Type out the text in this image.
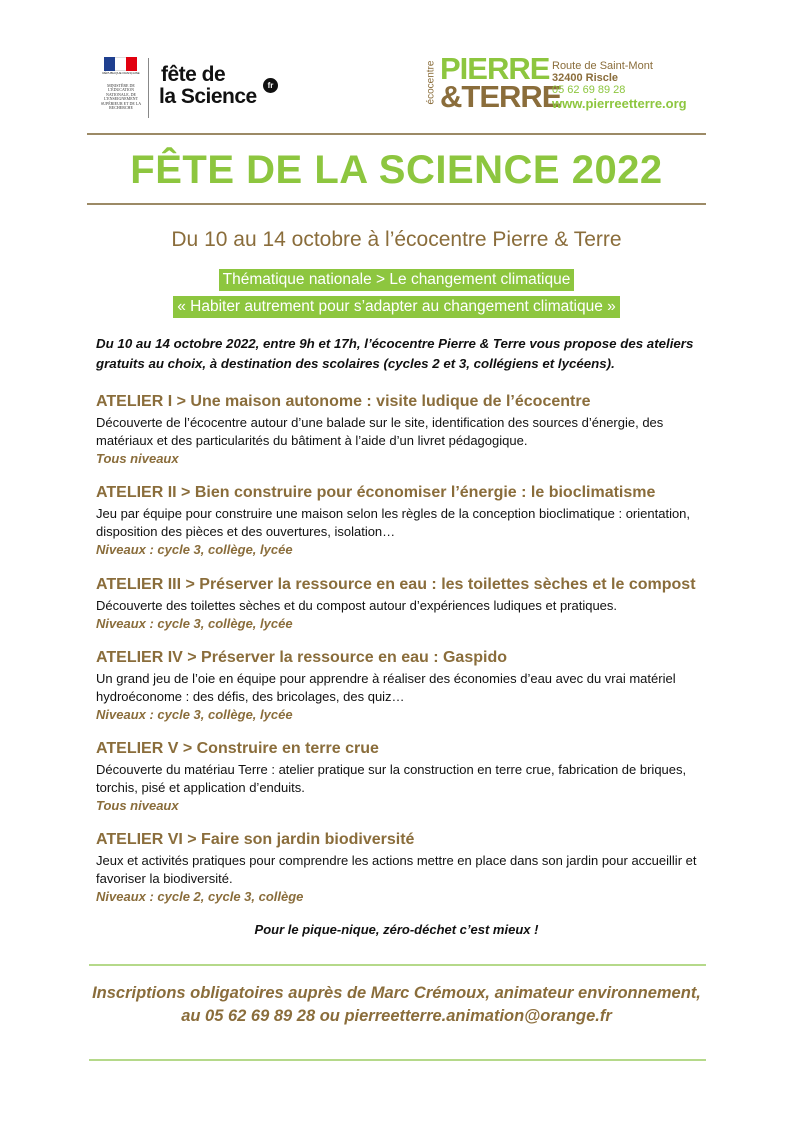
RÉPUBLIQUE FRANÇAISE
MINISTÈRE DE L'ÉDUCATION NATIONALE, DE L'ENSEIGNEMENT SUPÉRIEUR ET DE LA RECHERCHE
fête de
la Science	fr	écocentre PIERRE
&TERRE
Route de Saint-Mont
32400 Riscle
05 62 69 89 28
www.pierreetterre.org
FÊTE DE LA SCIENCE 2022
Du 10 au 14 octobre à l’écocentre Pierre & Terre
Thématique nationale > Le changement climatique
« Habiter autrement pour s’adapter au changement climatique »
Du 10 au 14 octobre 2022, entre 9h et 17h, l’écocentre Pierre & Terre vous propose des ateliers gratuits au choix, à destination des scolaires (cycles 2 et 3, collégiens et lycéens).
ATELIER I > Une maison autonome : visite ludique de l’écocentre

Découverte de l’écocentre autour d’une balade sur le site, identification des sources d’énergie, des matériaux et des particularités du bâtiment à l’aide d’un livret pédagogique.

Tous niveaux
ATELIER II > Bien construire pour économiser l’énergie : le bioclimatisme

Jeu par équipe pour construire une maison selon les règles de la conception bioclimatique : orientation, disposition des pièces et des ouvertures, isolation…

Niveaux : cycle 3, collège, lycée
ATELIER III > Préserver la ressource en eau : les toilettes sèches et le compost

Découverte des toilettes sèches et du compost autour d’expériences ludiques et pratiques.

Niveaux : cycle 3, collège, lycée
ATELIER IV > Préserver la ressource en eau : Gaspido

Un grand jeu de l’oie en équipe pour apprendre à réaliser des économies d’eau avec du vrai matériel hydroéconome : des défis, des bricolages, des quiz…

Niveaux : cycle 3, collège, lycée
ATELIER V > Construire en terre crue

Découverte du matériau Terre : atelier pratique sur la construction en terre crue, fabrication de briques, torchis, pisé et application d’enduits.

Tous niveaux
ATELIER VI > Faire son jardin biodiversité

Jeux et activités pratiques pour comprendre les actions mettre en place dans son jardin pour accueillir et favoriser la biodiversité.

Niveaux : cycle 2, cycle 3, collège
Pour le pique-nique, zéro-déchet c’est mieux !
Inscriptions obligatoires auprès de Marc Crémoux, animateur environnement,
au 05 62 69 89 28 ou pierreetterre.animation@orange.fr
